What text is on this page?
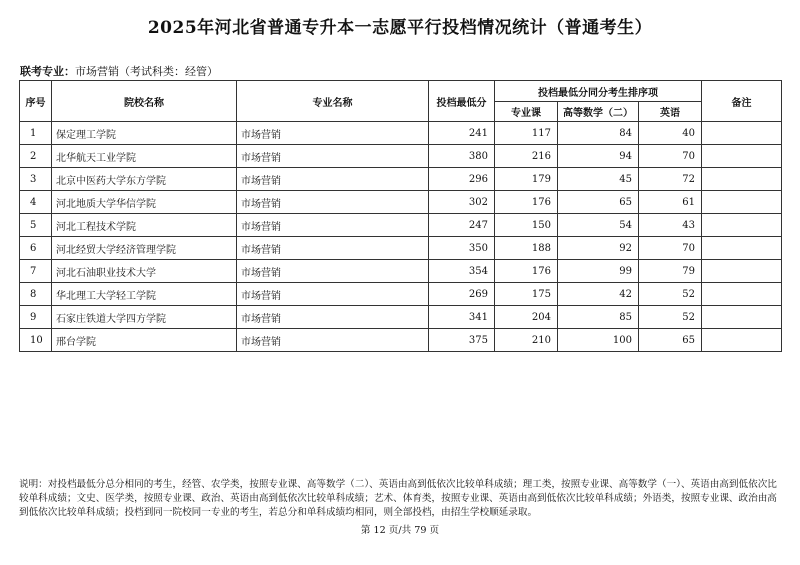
2025年河北省普通专升本一志愿平行投档情况统计（普通考生）
联考专业：市场营销（考试科类：经管）
序号	院校名称	专业名称	投档最低分	投档最低分同分考生排序项			备注
				专业课	高等数学（二）	英语	
1	保定理工学院	市场营销	241	117	84	40	
2	北华航天工业学院	市场营销	380	216	94	70	
3	北京中医药大学东方学院	市场营销	296	179	45	72	
4	河北地质大学华信学院	市场营销	302	176	65	61	
5	河北工程技术学院	市场营销	247	150	54	43	
6	河北经贸大学经济管理学院	市场营销	350	188	92	70	
7	河北石油职业技术大学	市场营销	354	176	99	79	
8	华北理工大学轻工学院	市场营销	269	175	42	52	
9	石家庄铁道大学四方学院	市场营销	341	204	85	52	
10	邢台学院	市场营销	375	210	100	65	
说明：对投档最低分总分相同的考生，经管、农学类，按照专业课、高等数学（二）、英语由高到低依次比较单科成绩；理工类，按照专业课、高等数学（一）、英语由高到低依次比较单科成绩；文史、医学类，按照专业课、政治、英语由高到低依次比较单科成绩；艺术、体育类，按照专业课、英语由高到低依次比较单科成绩；外语类，按照专业课、政治由高到低依次比较单科成绩；投档到同一院校同一专业的考生，若总分和单科成绩均相同，则全部投档，由招生学校顺延录取。
第 12 页/共 79 页
